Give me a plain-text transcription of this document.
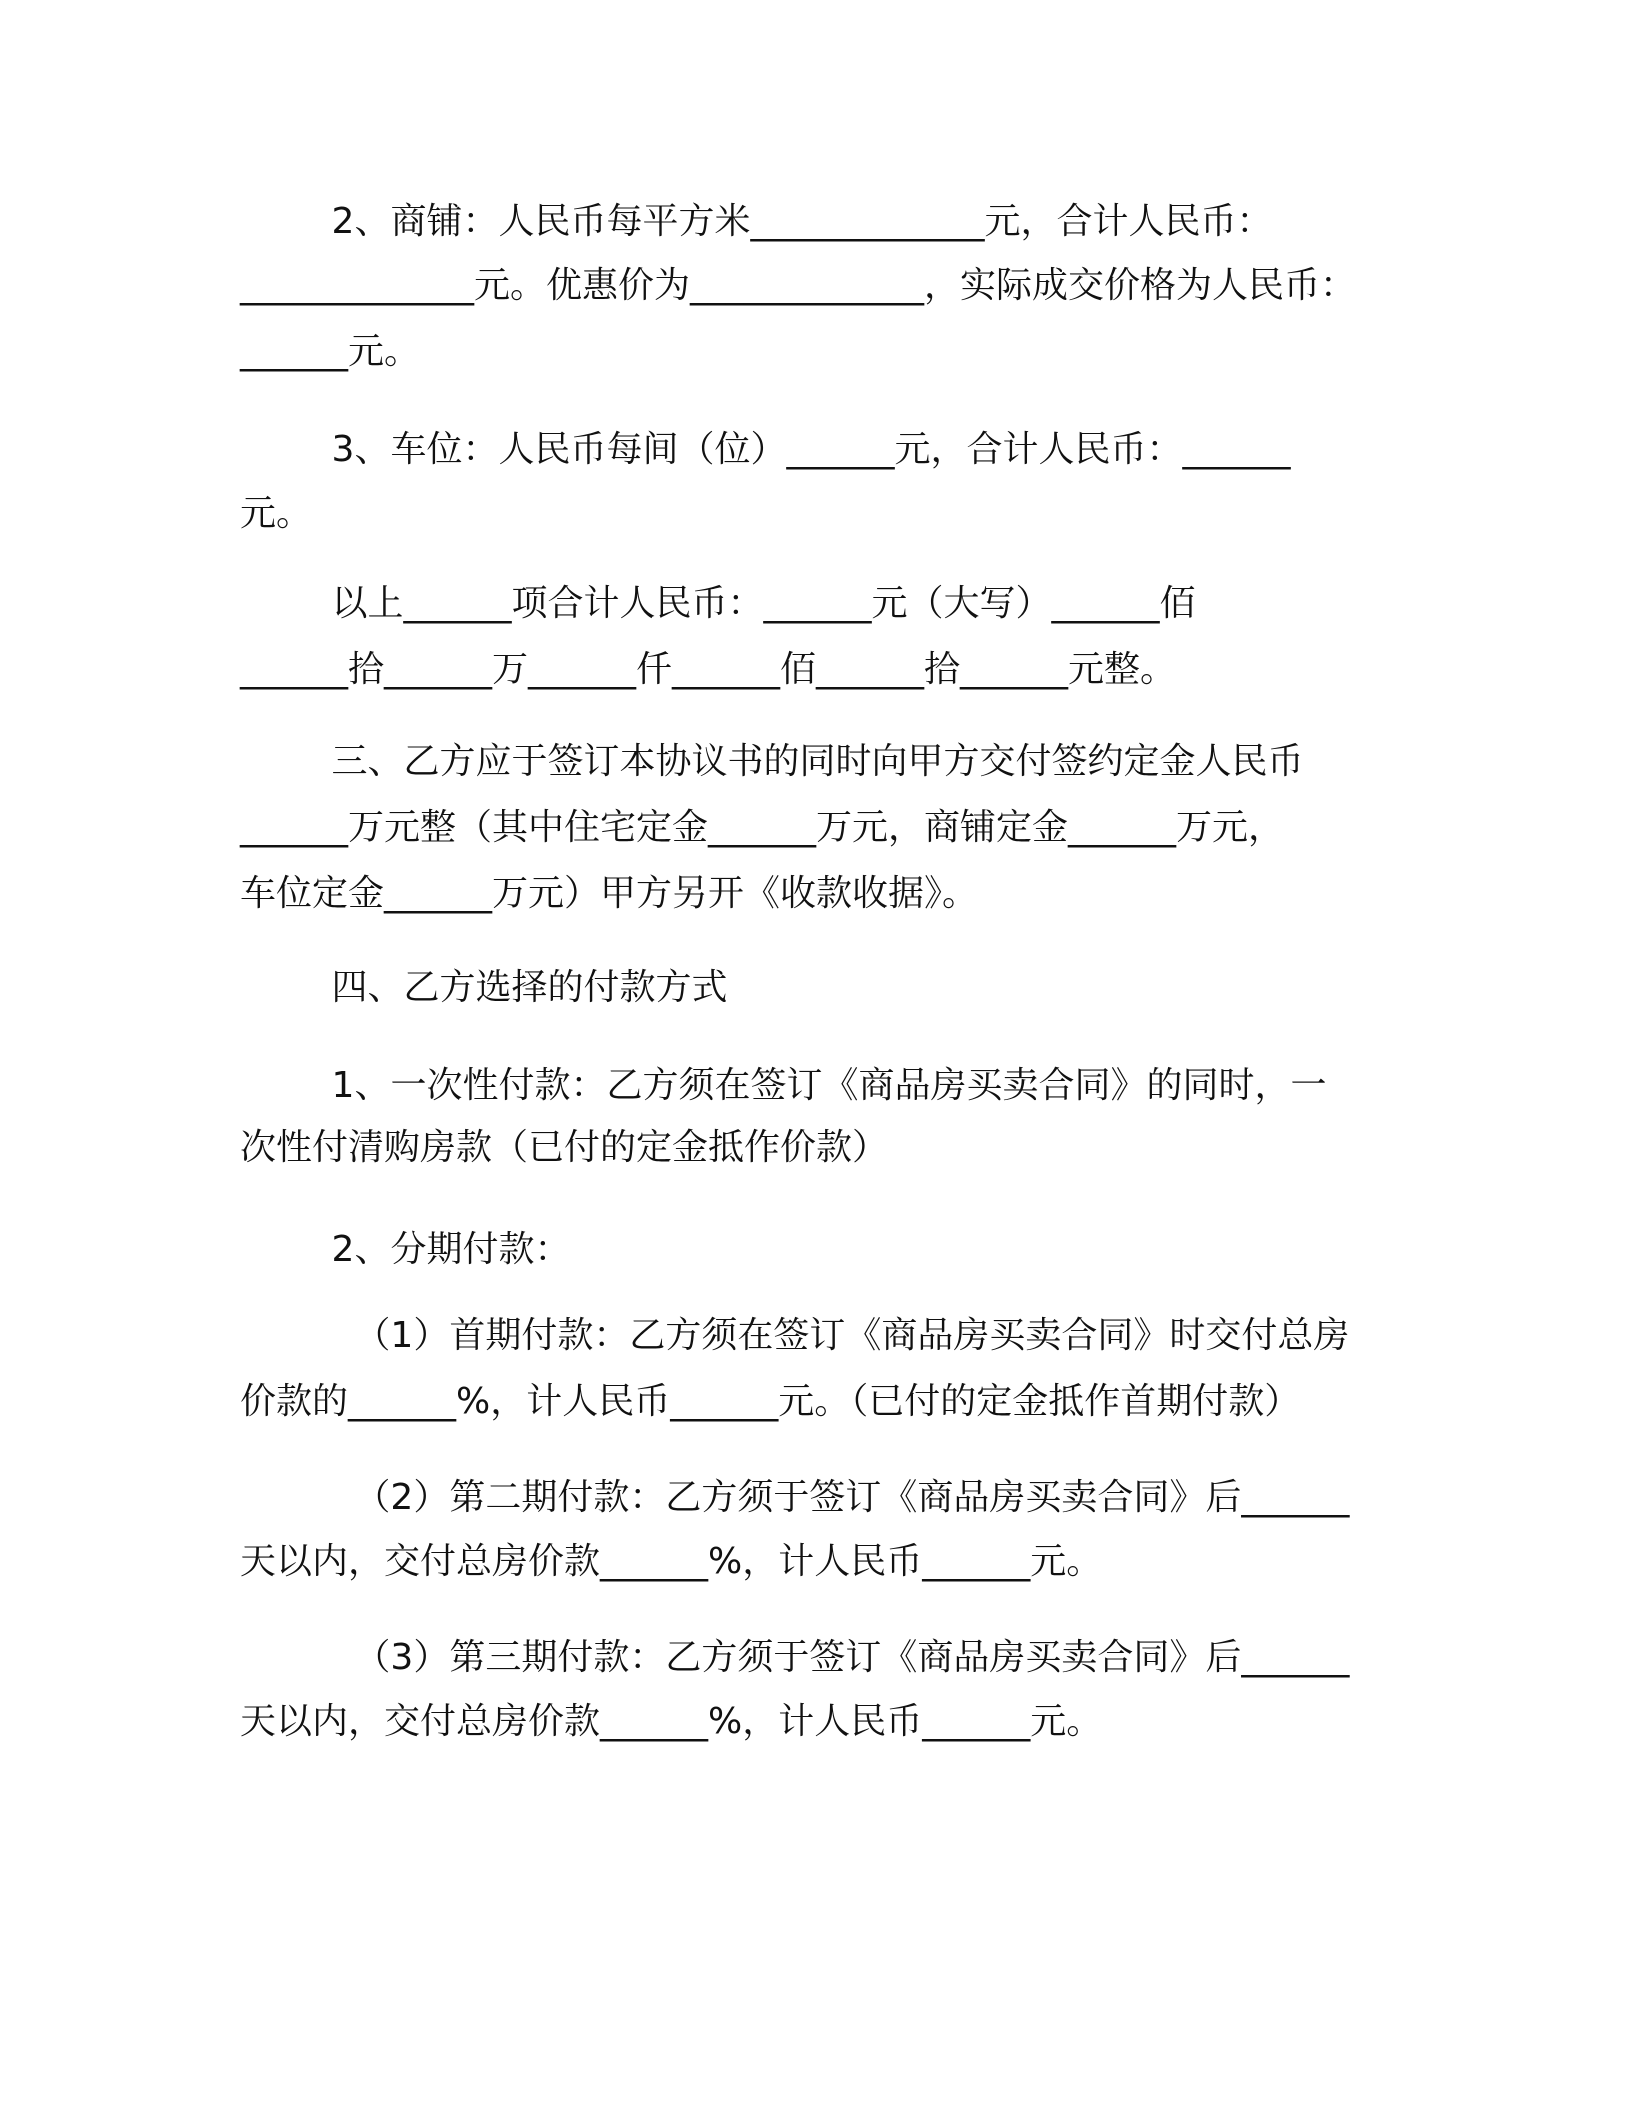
2、商铺：人民币每平方米_____________元，合计人民币：
_____________元。优惠价为_____________，实际成交价格为人民币：
______元。
3、车位：人民币每间（位）______元，合计人民币：______
元。
以上______项合计人民币：______元（大写）______佰
______拾______万______仟______佰______拾______元整。
三、乙方应于签订本协议书的同时向甲方交付签约定金人民币
______万元整（其中住宅定金______万元，商铺定金______万元，
车位定金______万元）甲方另开《收款收据》。
四、乙方选择的付款方式
1、一次性付款：乙方须在签订《商品房买卖合同》的同时，一
次性付清购房款（已付的定金抵作价款）
2、分期付款：
（1）首期付款：乙方须在签订《商品房买卖合同》时交付总房
价款的______%，计人民币______元。（已付的定金抵作首期付款）
（2）第二期付款：乙方须于签订《商品房买卖合同》后______
天以内，交付总房价款______%，计人民币______元。
（3）第三期付款：乙方须于签订《商品房买卖合同》后______
天以内，交付总房价款______%，计人民币______元。
